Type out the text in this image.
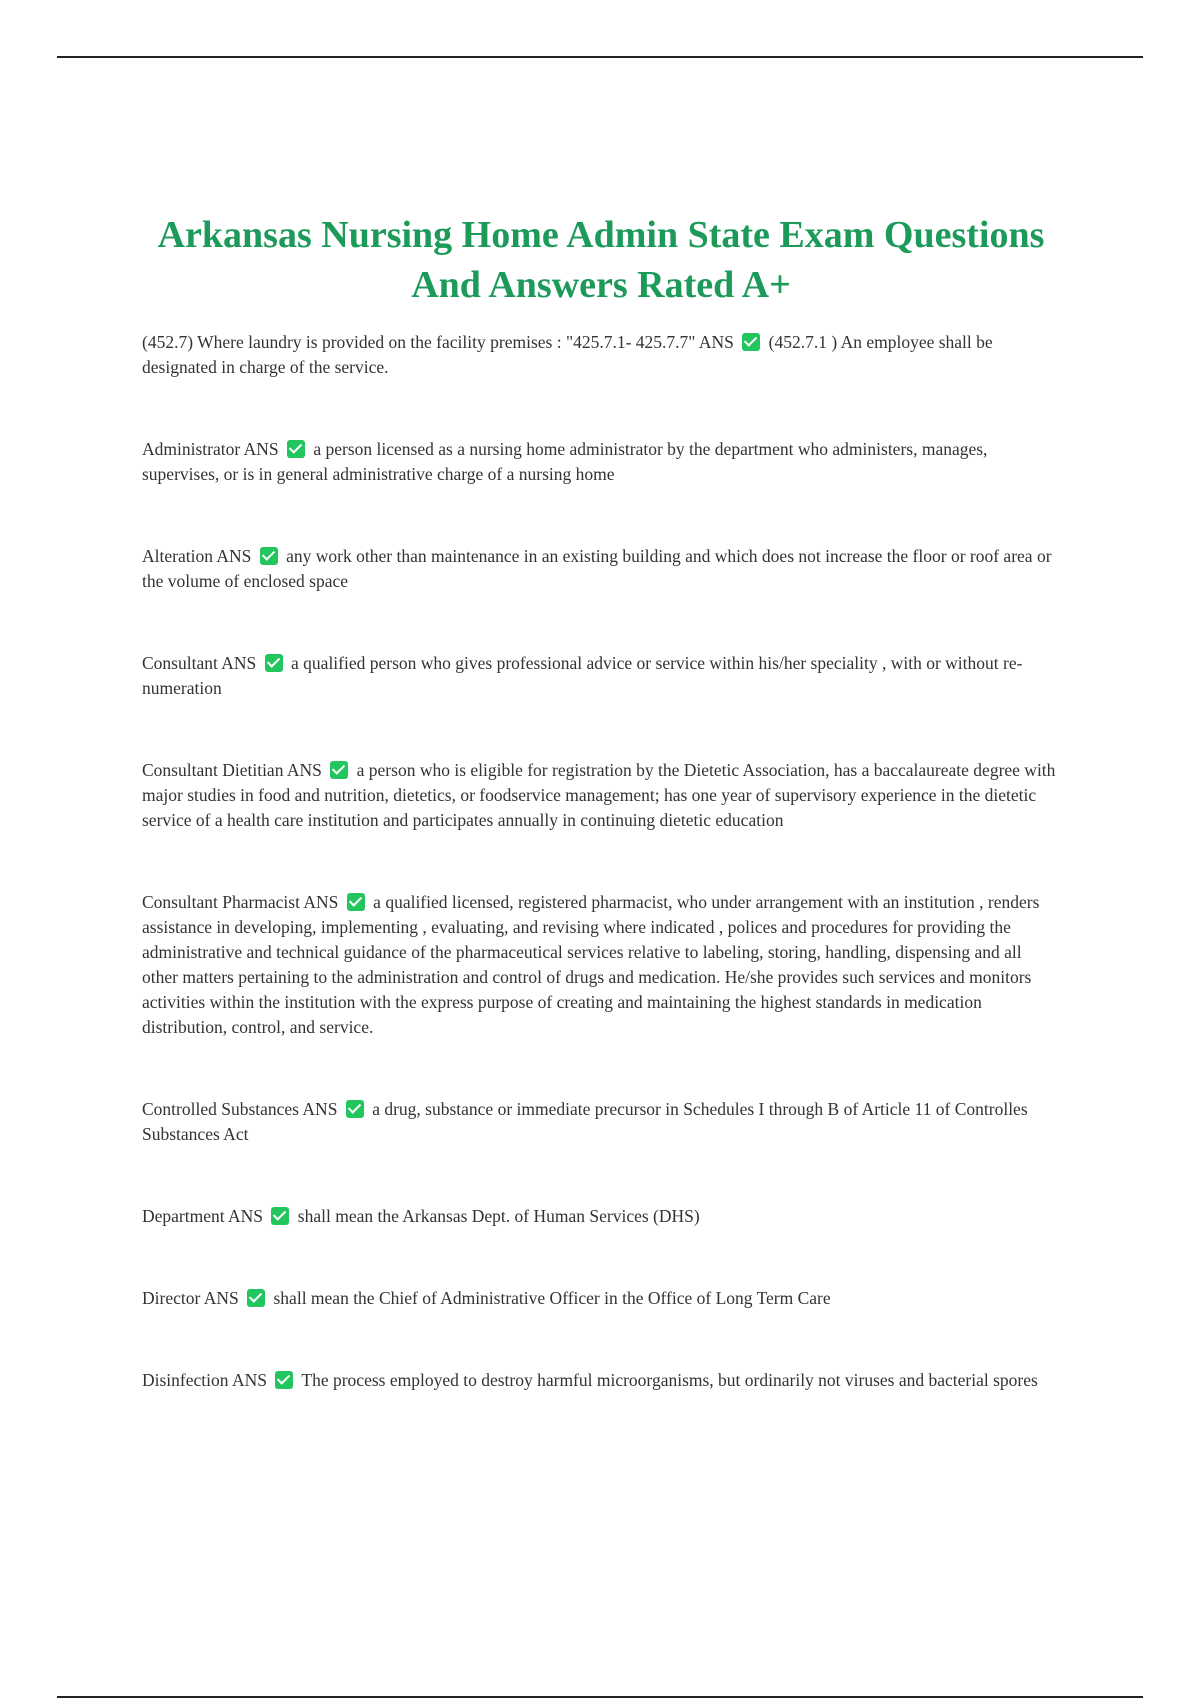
Arkansas Nursing Home Admin State Exam Questions And Answers Rated A+

(452.7) Where laundry is provided on the facility premises : "425.7.1- 425.7.7" ANS (452.7.1 ) An employee shall be designated in charge of the service.

Administrator ANS a person licensed as a nursing home administrator by the department who administers, manages, supervises, or is in general administrative charge of a nursing home

Alteration ANS any work other than maintenance in an existing building and which does not increase the floor or roof area or the volume of enclosed space

Consultant ANS a qualified person who gives professional advice or service within his/her speciality , with or without re-numeration

Consultant Dietitian ANS a person who is eligible for registration by the Dietetic Association, has a baccalaureate degree with major studies in food and nutrition, dietetics, or foodservice management; has one year of supervisory experience in the dietetic service of a health care institution and participates annually in continuing dietetic education

Consultant Pharmacist ANS a qualified licensed, registered pharmacist, who under arrangement with an institution , renders assistance in developing, implementing , evaluating, and revising where indicated , polices and procedures for providing the administrative and technical guidance of the pharmaceutical services relative to labeling, storing, handling, dispensing and all other matters pertaining to the administration and control of drugs and medication. He/she provides such services and monitors activities within the institution with the express purpose of creating and maintaining the highest standards in medication distribution, control, and service.

Controlled Substances ANS a drug, substance or immediate precursor in Schedules I through B of Article 11 of Controlles Substances Act

Department ANS shall mean the Arkansas Dept. of Human Services (DHS)

Director ANS shall mean the Chief of Administrative Officer in the Office of Long Term Care

Disinfection ANS The process employed to destroy harmful microorganisms, but ordinarily not viruses and bacterial spores
